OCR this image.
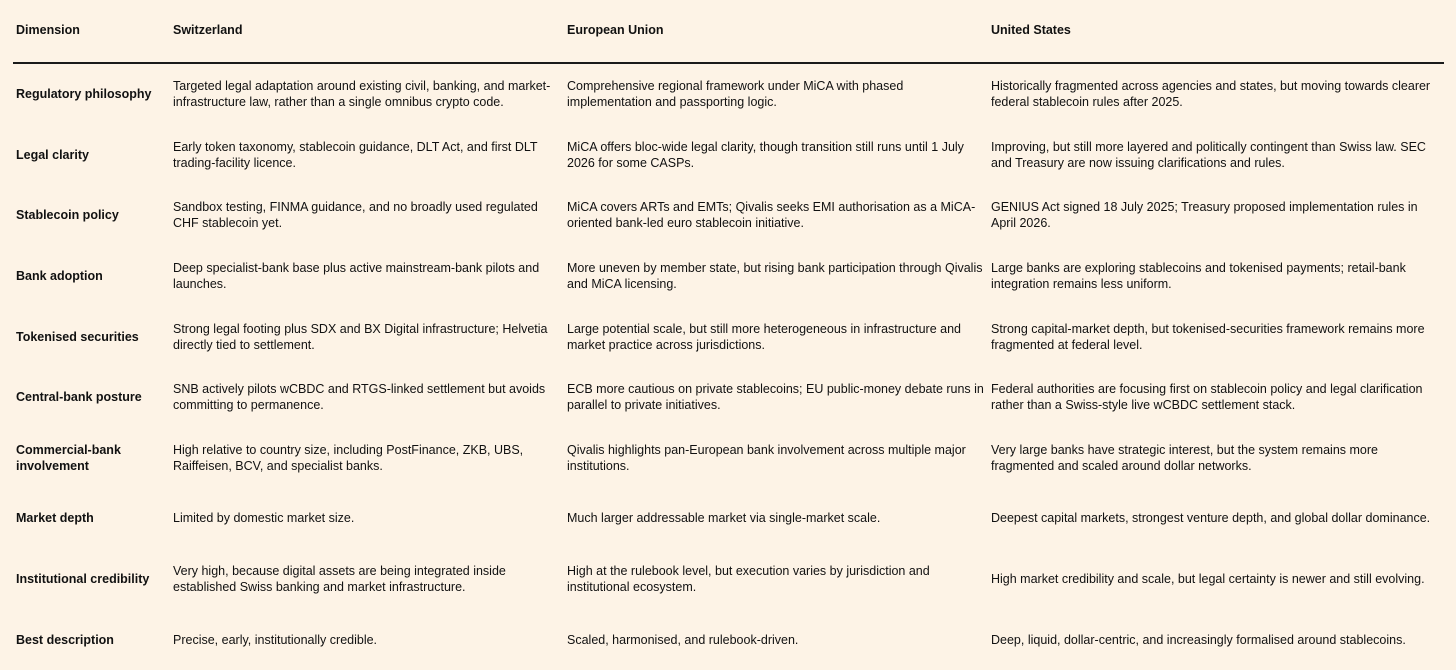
Dimension	Switzerland	European Union	United States
Regulatory philosophy	Targeted legal adaptation around existing civil, banking, and market-infrastructure law, rather than a single omnibus crypto code.	Comprehensive regional framework under MiCA with phased implementation and passporting logic.	Historically fragmented across agencies and states, but moving towards clearer federal stablecoin rules after 2025.
Legal clarity	Early token taxonomy, stablecoin guidance, DLT Act, and first DLT trading-facility licence.	MiCA offers bloc-wide legal clarity, though transition still runs until 1 July 2026 for some CASPs.	Improving, but still more layered and politically contingent than Swiss law. SEC and Treasury are now issuing clarifications and rules.
Stablecoin policy	Sandbox testing, FINMA guidance, and no broadly used regulated CHF stablecoin yet.	MiCA covers ARTs and EMTs; Qivalis seeks EMI authorisation as a MiCA-oriented bank-led euro stablecoin initiative.	GENIUS Act signed 18 July 2025; Treasury proposed implementation rules in April 2026.
Bank adoption	Deep specialist-bank base plus active mainstream-bank pilots and launches.	More uneven by member state, but rising bank participation through Qivalis and MiCA licensing.	Large banks are exploring stablecoins and tokenised payments; retail-bank integration remains less uniform.
Tokenised securities	Strong legal footing plus SDX and BX Digital infrastructure; Helvetia directly tied to settlement.	Large potential scale, but still more heterogeneous in infrastructure and market practice across jurisdictions.	Strong capital-market depth, but tokenised-securities framework remains more fragmented at federal level.
Central-bank posture	SNB actively pilots wCBDC and RTGS-linked settlement but avoids committing to permanence.	ECB more cautious on private stablecoins; EU public-money debate runs in parallel to private initiatives.	Federal authorities are focusing first on stablecoin policy and legal clarification rather than a Swiss-style live wCBDC settlement stack.
Commercial-bank involvement	High relative to country size, including PostFinance, ZKB, UBS, Raiffeisen, BCV, and specialist banks.	Qivalis highlights pan-European bank involvement across multiple major institutions.	Very large banks have strategic interest, but the system remains more fragmented and scaled around dollar networks.
Market depth	Limited by domestic market size.	Much larger addressable market via single-market scale.	Deepest capital markets, strongest venture depth, and global dollar dominance.
Institutional credibility	Very high, because digital assets are being integrated inside established Swiss banking and market infrastructure.	High at the rulebook level, but execution varies by jurisdiction and institutional ecosystem.	High market credibility and scale, but legal certainty is newer and still evolving.
Best description	Precise, early, institutionally credible.	Scaled, harmonised, and rulebook-driven.	Deep, liquid, dollar-centric, and increasingly formalised around stablecoins.
